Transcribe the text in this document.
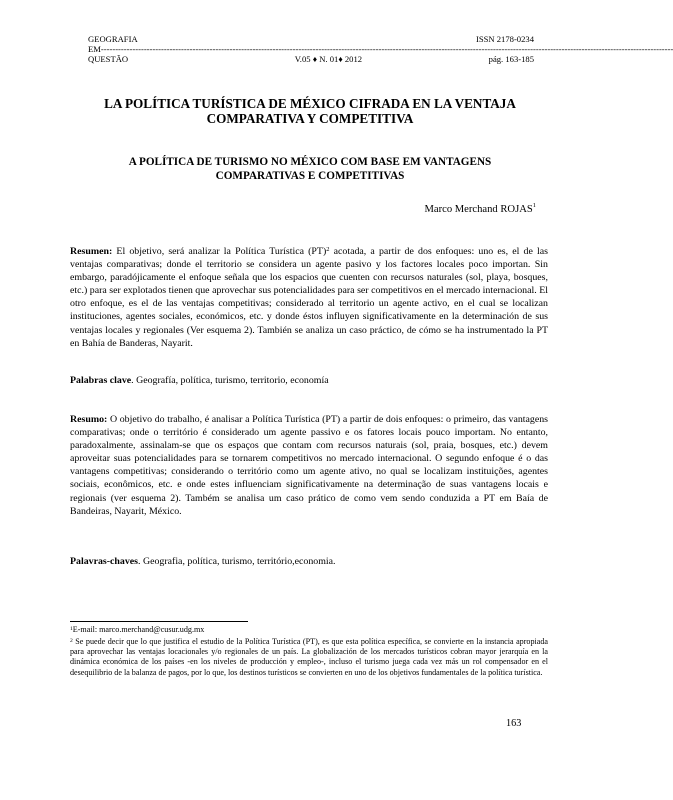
GEOGRAFIA	ISSN 2178-0234
EM--------------------------------------------------------------------------------------------------------------------------------------------------------------------------------------------------------
QUESTÃO	V.05 ♦ N. 01♦ 2012	pág. 163-185
LA POLÍTICA TURÍSTICA DE MÉXICO CIFRADA EN LA VENTAJA COMPARATIVA Y COMPETITIVA
A POLÍTICA DE TURISMO NO MÉXICO COM BASE EM VANTAGENS COMPARATIVAS E COMPETITIVAS
Marco Merchand ROJAS$^1$
Resumen: El objetivo, será analizar la Política Turística (PT)$^2$ acotada, a partir de dos enfoques: uno es, el de las ventajas comparativas; donde el territorio se considera un agente pasivo y los factores locales poco importan. Sin embargo, paradójicamente el enfoque señala que los espacios que cuenten con recursos naturales (sol, playa, bosques, etc.) para ser explotados tienen que aprovechar sus potencialidades para ser competitivos en el mercado internacional. El otro enfoque, es el de las ventajas competitivas; considerado al territorio un agente activo, en el cual se localizan instituciones, agentes sociales, económicos, etc. y donde éstos influyen significativamente en la determinación de sus ventajas locales y regionales (Ver esquema 2). También se analiza un caso práctico, de cómo se ha instrumentado la PT en Bahía de Banderas, Nayarit.
Palabras clave. Geografía, política, turismo, territorio, economía
Resumo: O objetivo do trabalho, é analisar a Política Turística (PT) a partir de dois enfoques: o primeiro, das vantagens comparativas; onde o território é considerado um agente passivo e os fatores locais pouco importam. No entanto, paradoxalmente, assinalam-se que os espaços que contam com recursos naturais (sol, praia, bosques, etc.) devem aproveitar suas potencialidades para se tornarem competitivos no mercado internacional. O segundo enfoque é o das vantagens competitivas; considerando o território como um agente ativo, no qual se localizam instituições, agentes sociais, econômicos, etc. e onde estes influenciam significativamente na determinação de suas vantagens locais e regionais (ver esquema 2). Também se analisa um caso prático de como vem sendo conduzida a PT em Baía de Bandeiras, Nayarit, México.
Palavras-chaves. Geografia, política, turismo, território,economia.
$^1$E-mail: marco.merchand@cusur.udg.mx
$^2$ Se puede decir que lo que justifica el estudio de la Política Turística (PT), es que esta política específica, se convierte en la instancia apropiada para aprovechar las ventajas locacionales y/o regionales de un país. La globalización de los mercados turísticos cobran mayor jerarquía en la dinámica económica de los países -en los niveles de producción y empleo-, incluso el turismo juega cada vez más un rol compensador en el desequilibrio de la balanza de pagos, por lo que, los destinos turísticos se convierten en uno de los objetivos fundamentales de la política turística.
163
